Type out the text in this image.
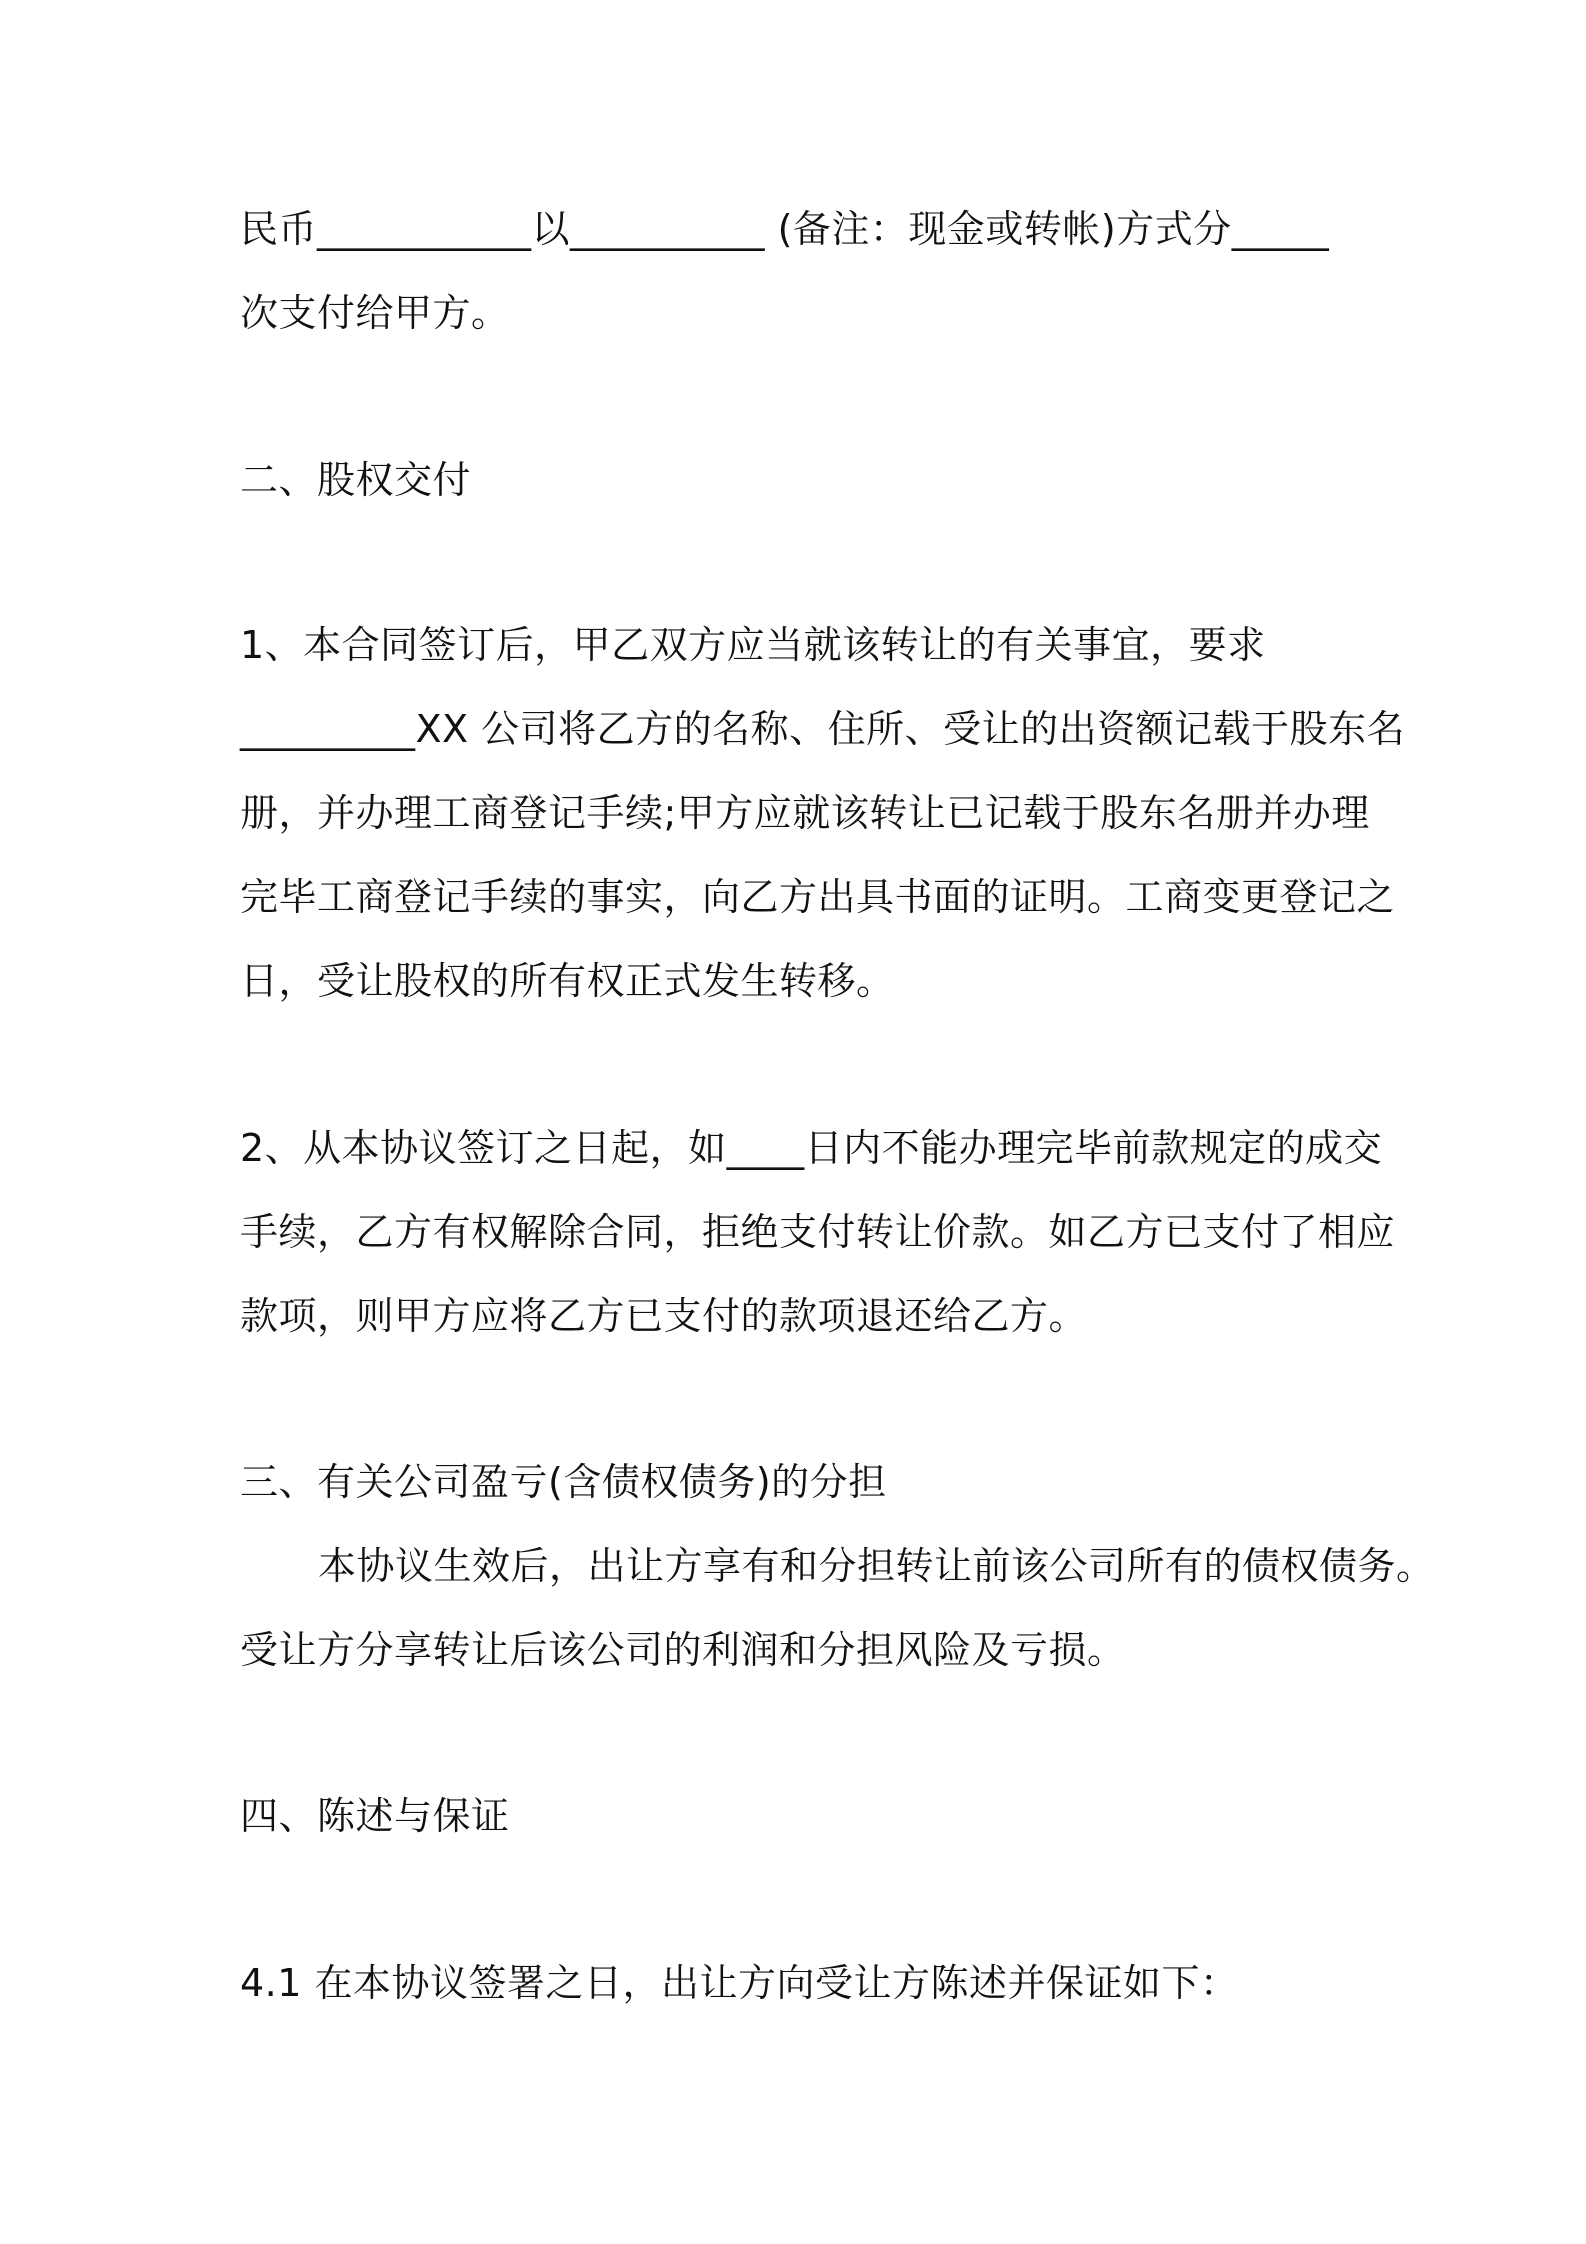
民币___________以__________ (备注：现金或转帐)方式分_____
次支付给甲方。
二、股权交付
1、本合同签订后，甲乙双方应当就该转让的有关事宜，要求
_________XX 公司将乙方的名称、住所、受让的出资额记载于股东名
册，并办理工商登记手续;甲方应就该转让已记载于股东名册并办理
完毕工商登记手续的事实，向乙方出具书面的证明。工商变更登记之
日，受让股权的所有权正式发生转移。
2、从本协议签订之日起，如____日内不能办理完毕前款规定的成交
手续，乙方有权解除合同，拒绝支付转让价款。如乙方已支付了相应
款项，则甲方应将乙方已支付的款项退还给乙方。
三、有关公司盈亏(含债权债务)的分担
本协议生效后，出让方享有和分担转让前该公司所有的债权债务。
受让方分享转让后该公司的利润和分担风险及亏损。
四、陈述与保证
4.1 在本协议签署之日，出让方向受让方陈述并保证如下：
